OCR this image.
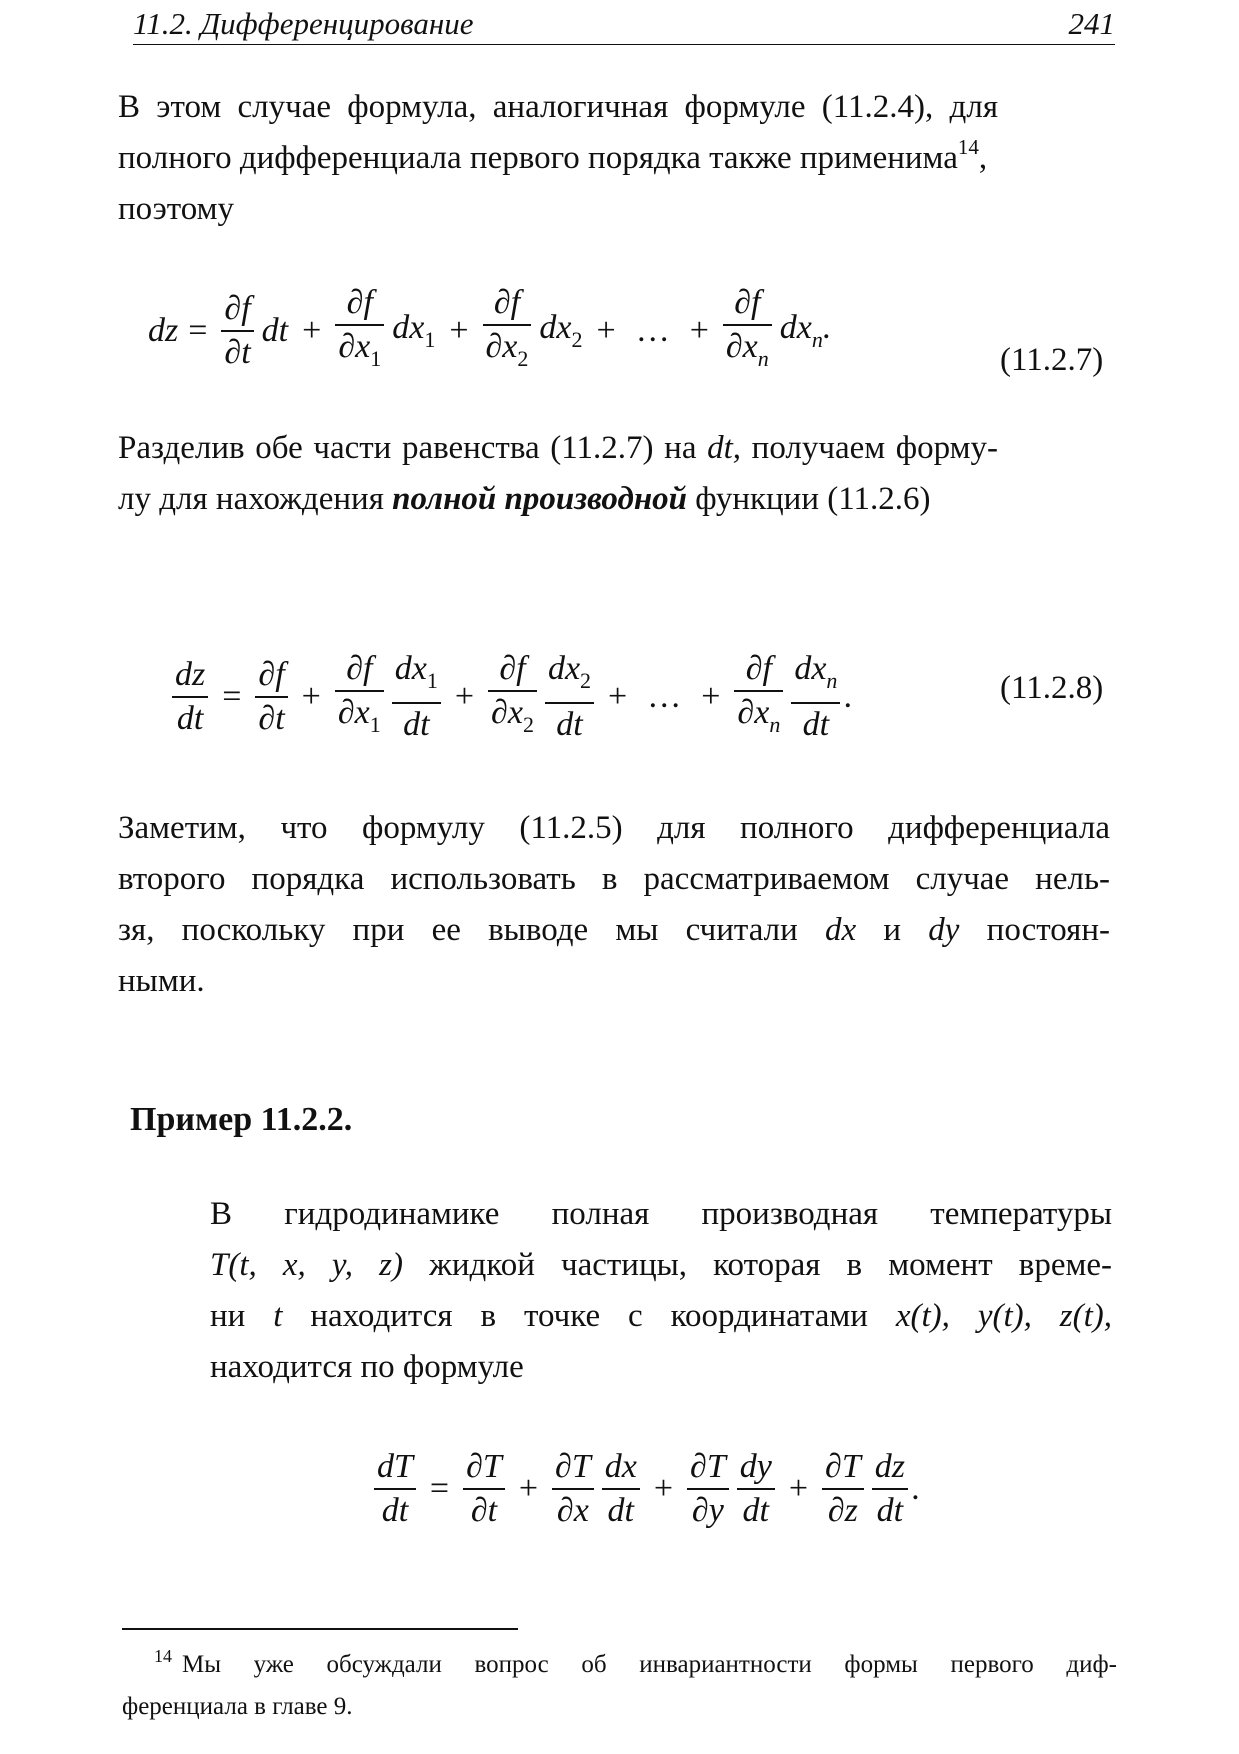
11.2. Дифференцирование	241
В этом случае формула, аналогичная формуле (11.2.4), для
полного дифференциала первого порядка также применима$^{14}$,
поэтому
dz = $\frac{\partial f}{\partial t}$ dt + $\frac{\partial f}{\partial x_1} dx_1 + \frac{\partial f}{\partial x_2} dx_2$ + … + $\frac{\partial f}{\partial x_n} dx_n$.
(11.2.7)
Разделив обе части равенства (11.2.7) на dt, получаем форму-
лу для нахождения полной производной функции (11.2.6)
$\frac{dz}{dt} = \frac{\partial f}{\partial t} + \frac{\partial f}{\partial x_1} \frac{dx_1}{dt} + \frac{\partial f}{\partial x_2} \frac{dx_2}{dt}$ + … + $\frac{\partial f}{\partial x_n} \frac{dx_n}{dt}$ .	(11.2.8)
Заметим, что формулу (11.2.5) для полного дифференциала
второго порядка использовать в рассматриваемом случае нель-
зя, поскольку при ее выводе мы считали dx и dy постоян-
ными.
Пример 11.2.2.
В гидродинамике полная производная температуры
T(t, x, y, z) жидкой частицы, которая в момент време-
ни t находится в точке с координатами x(t), y(t), z(t),
находится по формуле
$\frac{dT}{dt} = \frac{\partial T}{\partial t} + \frac{\partial T}{\partial x} \frac{dx}{dt} + \frac{\partial T}{\partial y} \frac{dy}{dt} + \frac{\partial T}{\partial z} \frac{dz}{dt}$ .
$^{14}$ Мы уже обсуждали вопрос об инвариантности формы первого диф-
ференциала в главе 9.
